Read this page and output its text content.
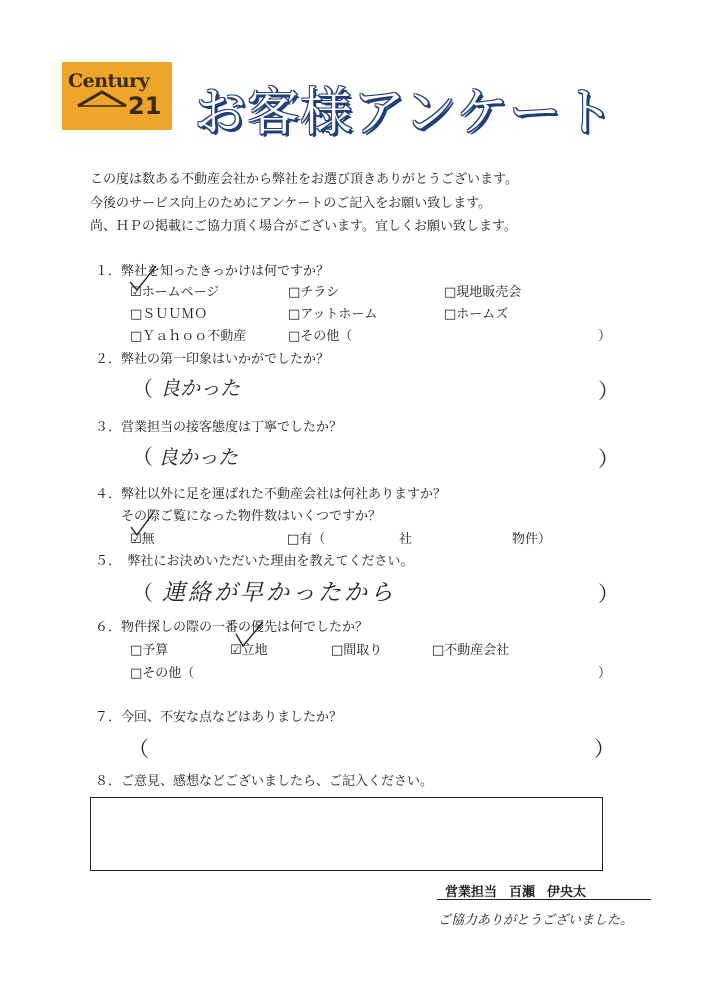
Century
21 お客様アンケート
この度は数ある不動産会社から弊社をお選び頂きありがとうございます。
今後のサービス向上のためにアンケートのご記入をお願い致します。
尚、ＨＰの掲載にご協力頂く場合がございます。宜しくお願い致します。
１．弊社を知ったきっかけは何ですか？
☑ホームページ	□チラシ	□現地販売会
□ＳＵＵＭＯ	□アットホーム	□ホームズ
□Ｙａｈｏｏ不動産	□その他（	）
２．弊社の第一印象はいかがでしたか？
（ 良かった	）
３．営業担当の接客態度は丁寧でしたか？
（ 良かった	）
４．弊社以外に足を運ばれた不動産会社は何社ありますか？
その際ご覧になった物件数はいくつですか？
☑無	□有（	社	物件）
５．　弊社にお決めいただいた理由を教えてください。
（ 連絡が早かったから	）
６．物件探しの際の一番の優先は何でしたか？
□予算	☑立地	□間取り	□不動産会社
□その他（	）
７．今回、不安な点などはありましたか？
（	）
８．ご意見、感想などございましたら、ご記入ください。
営業担当 百瀬 伊央太
ご協力ありがとうございました。
